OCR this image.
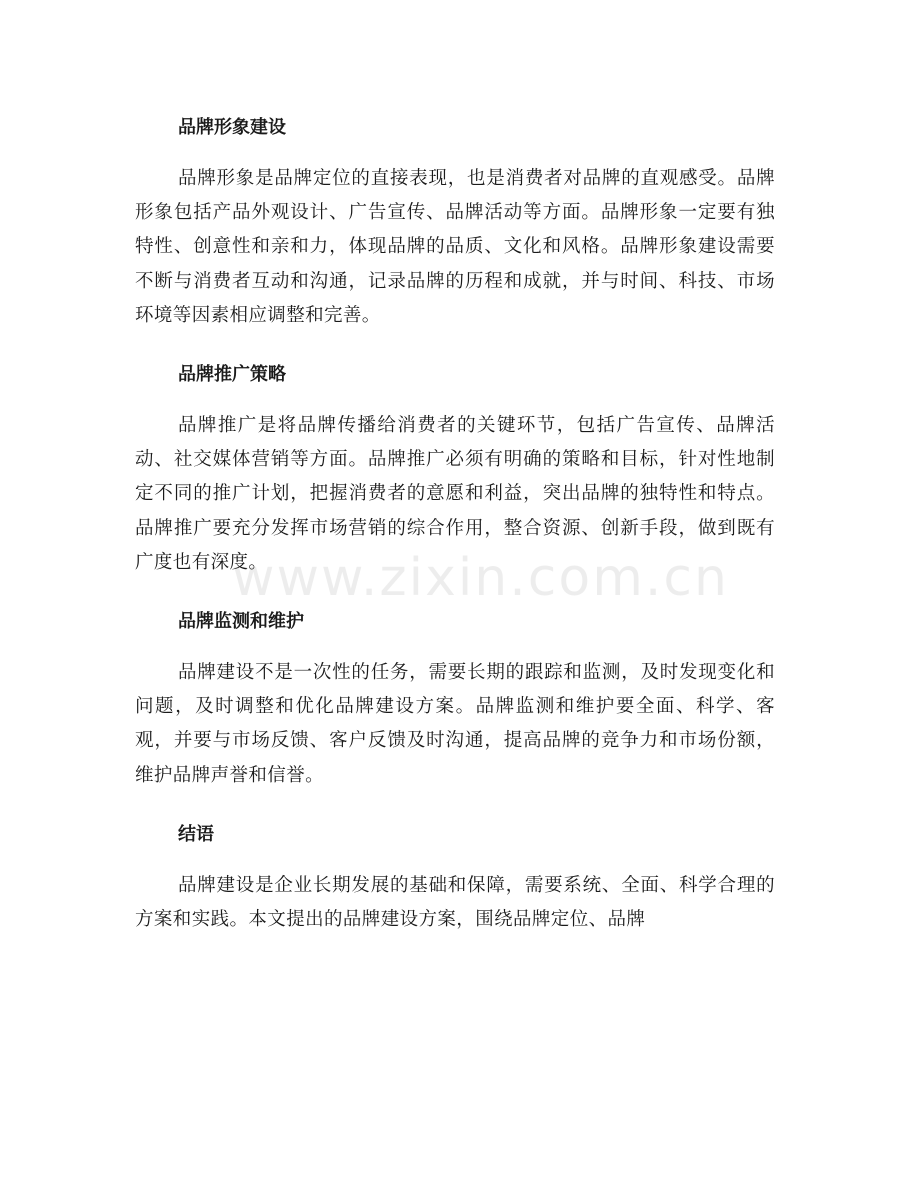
www.zixin.com.cn
品牌形象建设

品牌形象是品牌定位的直接表现，也是消费者对品牌的直观感受。品牌形象包括产品外观设计、广告宣传、品牌活动等方面。品牌形象一定要有独特性、创意性和亲和力，体现品牌的品质、文化和风格。品牌形象建设需要不断与消费者互动和沟通，记录品牌的历程和成就，并与时间、科技、市场环境等因素相应调整和完善。

品牌推广策略

品牌推广是将品牌传播给消费者的关键环节，包括广告宣传、品牌活动、社交媒体营销等方面。品牌推广必须有明确的策略和目标，针对性地制定不同的推广计划，把握消费者的意愿和利益，突出品牌的独特性和特点。品牌推广要充分发挥市场营销的综合作用，整合资源、创新手段，做到既有广度也有深度。

品牌监测和维护

品牌建设不是一次性的任务，需要长期的跟踪和监测，及时发现变化和问题，及时调整和优化品牌建设方案。品牌监测和维护要全面、科学、客观，并要与市场反馈、客户反馈及时沟通，提高品牌的竞争力和市场份额，维护品牌声誉和信誉。

结语

品牌建设是企业长期发展的基础和保障，需要系统、全面、科学合理的方案和实践。本文提出的品牌建设方案，围绕品牌定位、品牌
